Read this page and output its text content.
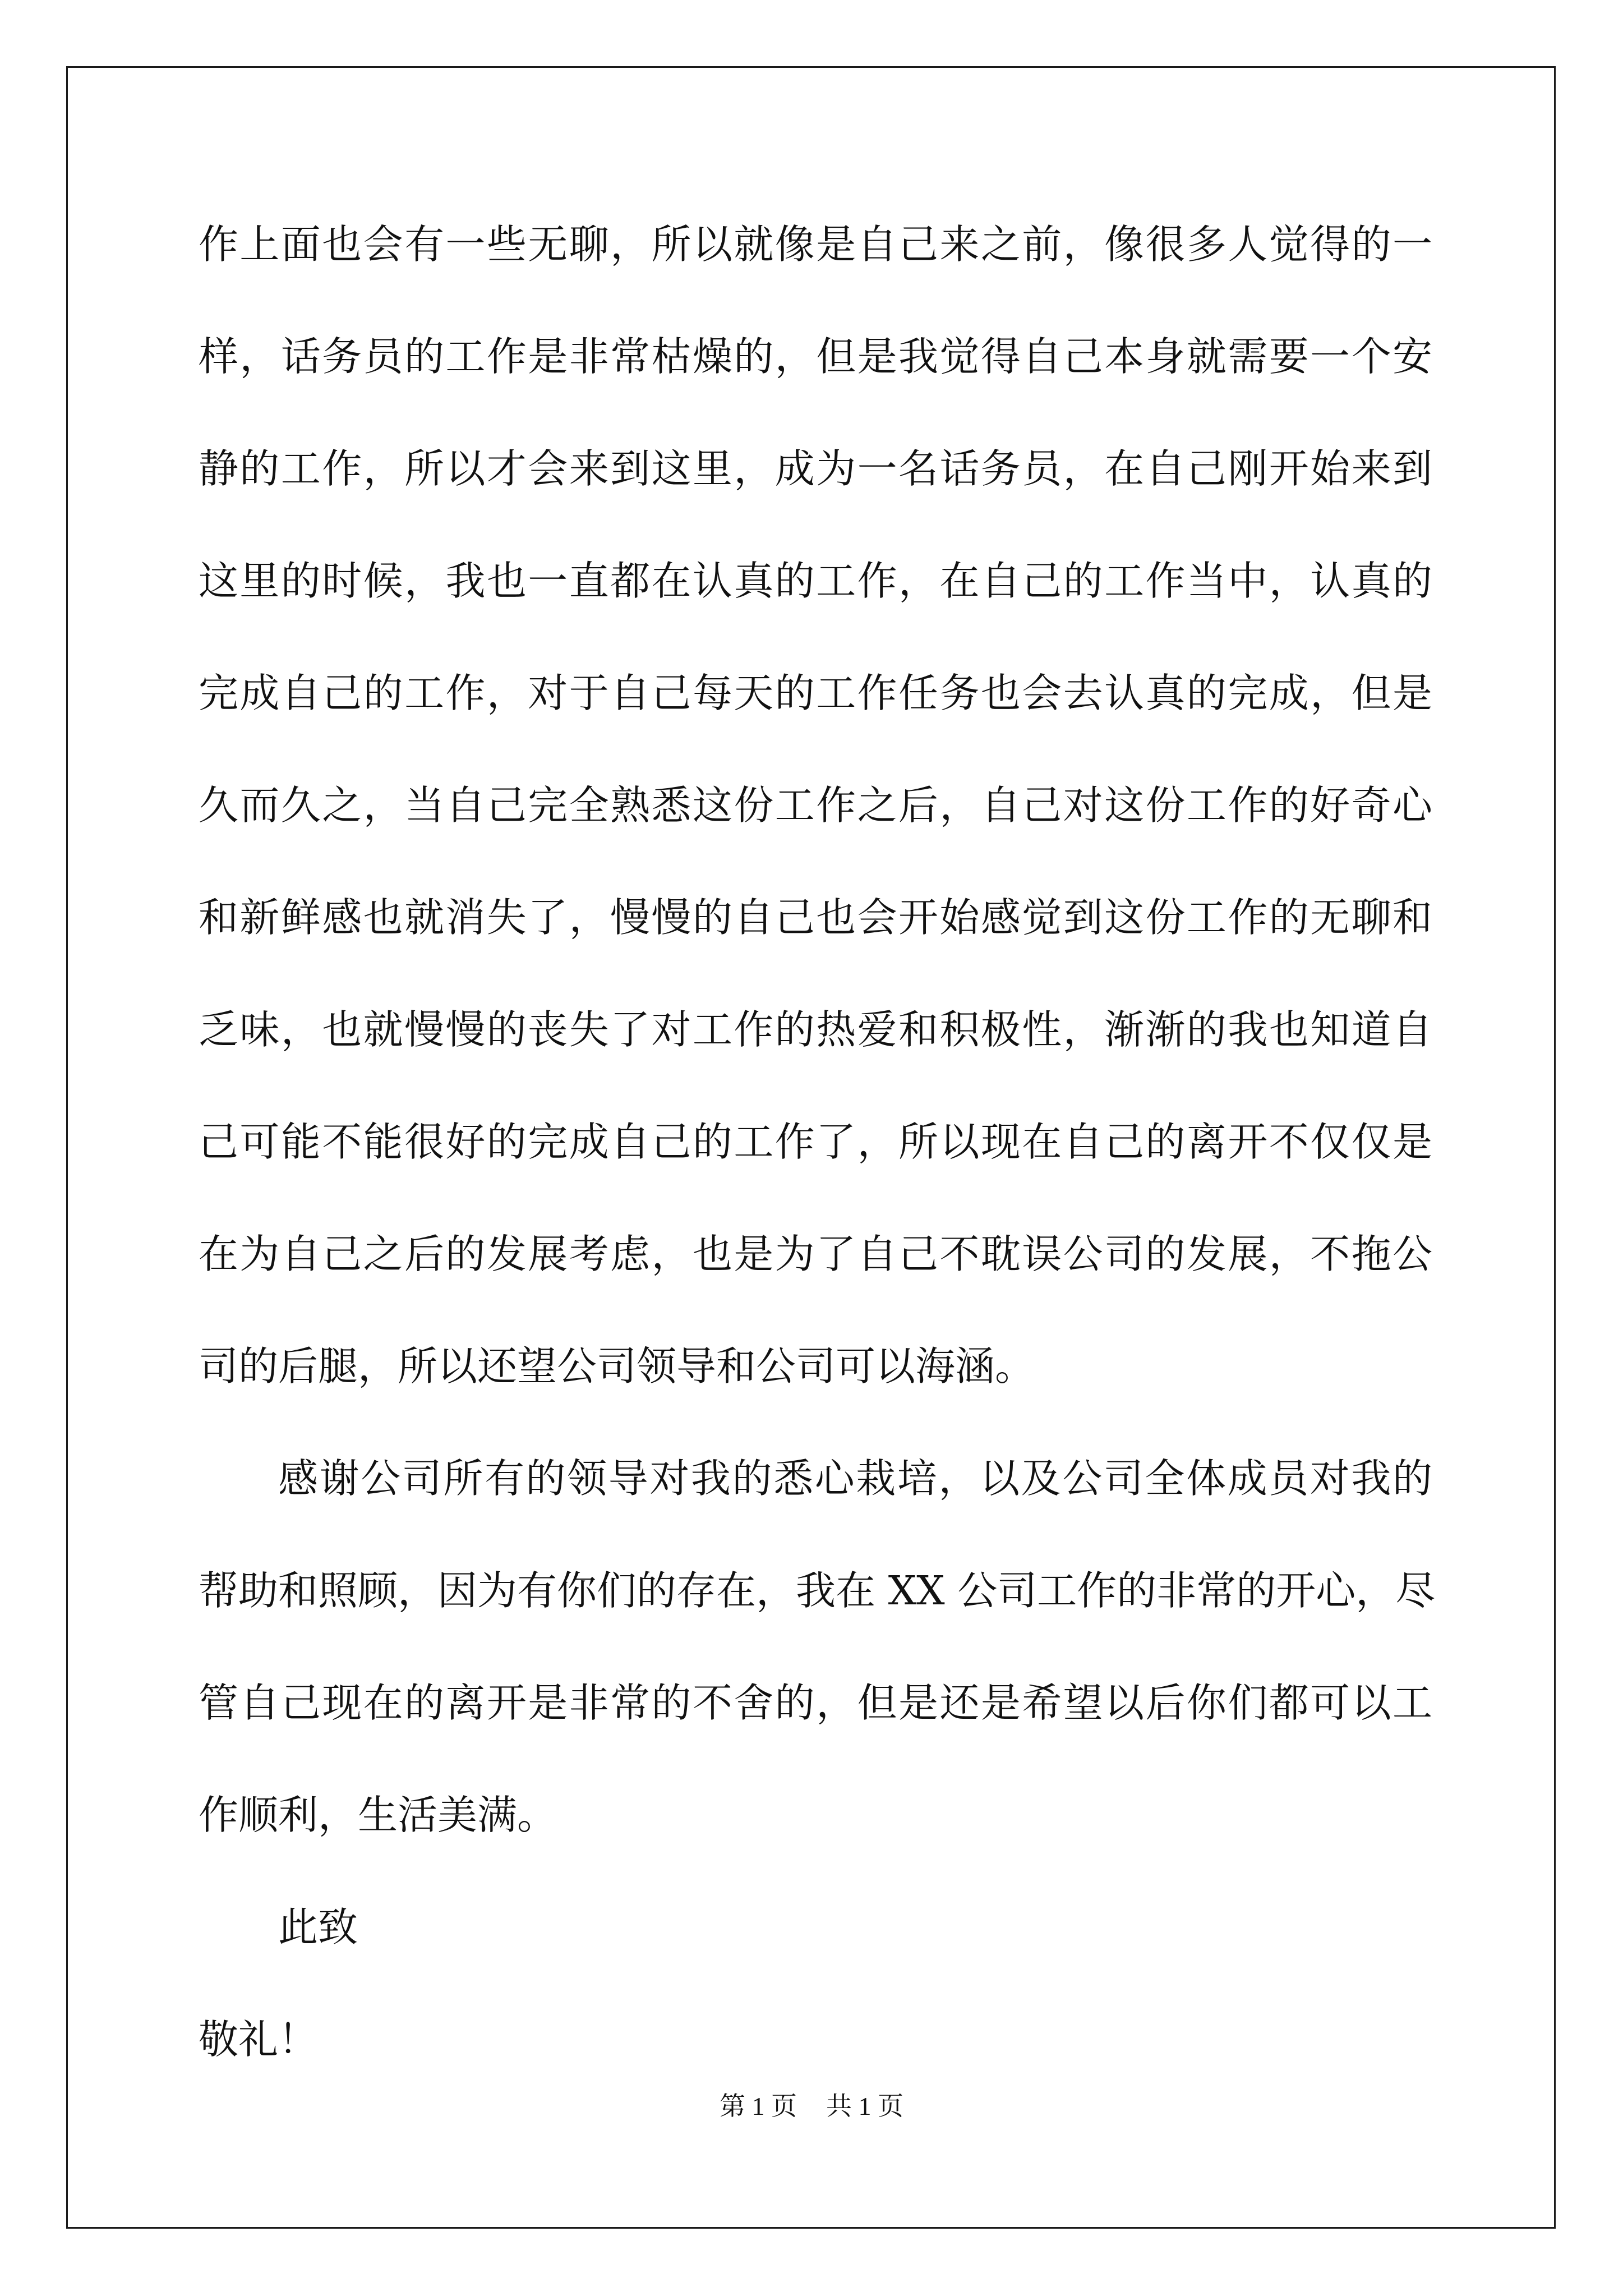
作上面也会有一些无聊，所以就像是自己来之前，像很多人觉得的一
样，话务员的工作是非常枯燥的，但是我觉得自己本身就需要一个安
静的工作，所以才会来到这里，成为一名话务员，在自己刚开始来到
这里的时候，我也一直都在认真的工作，在自己的工作当中，认真的
完成自己的工作，对于自己每天的工作任务也会去认真的完成，但是
久而久之，当自己完全熟悉这份工作之后，自己对这份工作的好奇心
和新鲜感也就消失了，慢慢的自己也会开始感觉到这份工作的无聊和
乏味，也就慢慢的丧失了对工作的热爱和积极性，渐渐的我也知道自
己可能不能很好的完成自己的工作了，所以现在自己的离开不仅仅是
在为自己之后的发展考虑，也是为了自己不耽误公司的发展，不拖公
司的后腿，所以还望公司领导和公司可以海涵。
感谢公司所有的领导对我的悉心栽培，以及公司全体成员对我的
帮助和照顾，因为有你们的存在，我在 XX 公司工作的非常的开心，尽
管自己现在的离开是非常的不舍的，但是还是希望以后你们都可以工
作顺利，生活美满。
此致
敬礼！
第 1 页 共 1 页
